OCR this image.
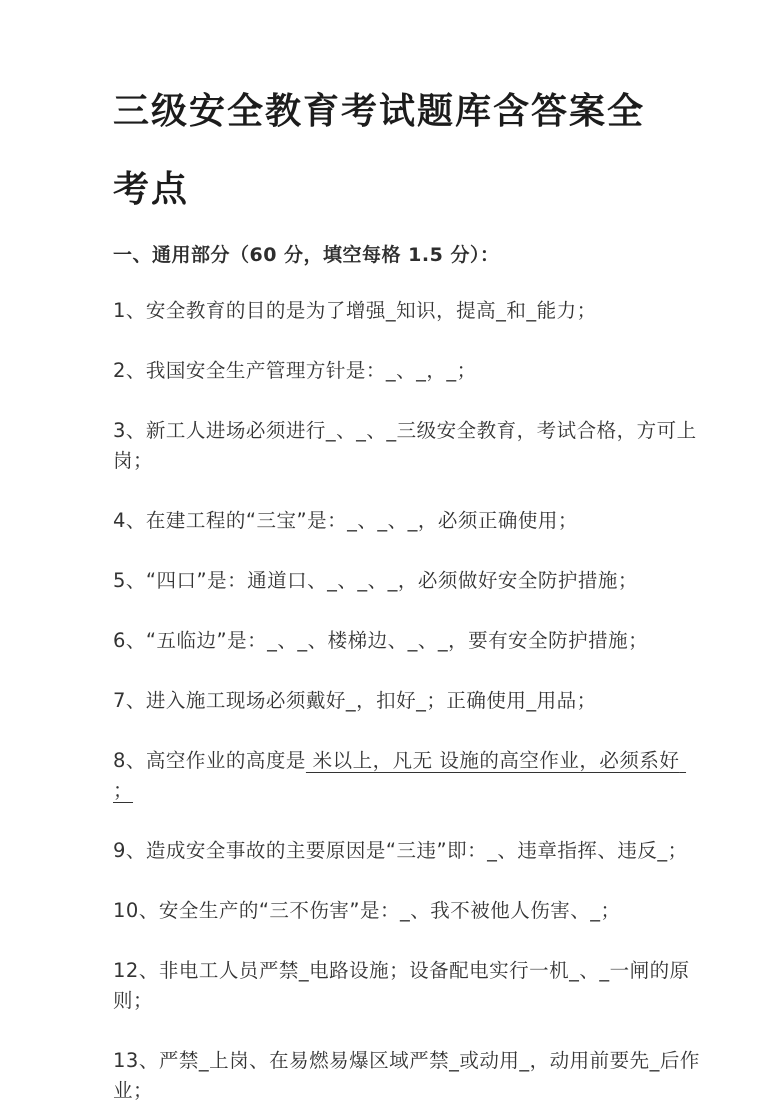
三级安全教育考试题库含答案全考点
一、通用部分（60 分，填空每格 1.5 分）：

1、安全教育的目的是为了增强_知识，提高_和_能力；

2、我国安全生产管理方针是：_、_，_；

3、新工人进场必须进行_、_、_三级安全教育，考试合格，方可上岗；

4、在建工程的“三宝”是：_、_、_，必须正确使用；

5、“四口”是：通道口、_、_、_，必须做好安全防护措施；

6、“五临边”是：_、_、楼梯边、_、_，要有安全防护措施；

7、进入施工现场必须戴好_，扣好_；正确使用_用品；

8、高空作业的高度是 米以上，凡无 设施的高空作业，必须系好 ；

9、造成安全事故的主要原因是“三违”即：_、违章指挥、违反_；

10、安全生产的“三不伤害”是：_、我不被他人伤害、_；

12、非电工人员严禁_电路设施；设备配电实行一机_、_一闸的原则；

13、严禁_上岗、在易燃易爆区域严禁_或动用_，动用前要先_后作业；
